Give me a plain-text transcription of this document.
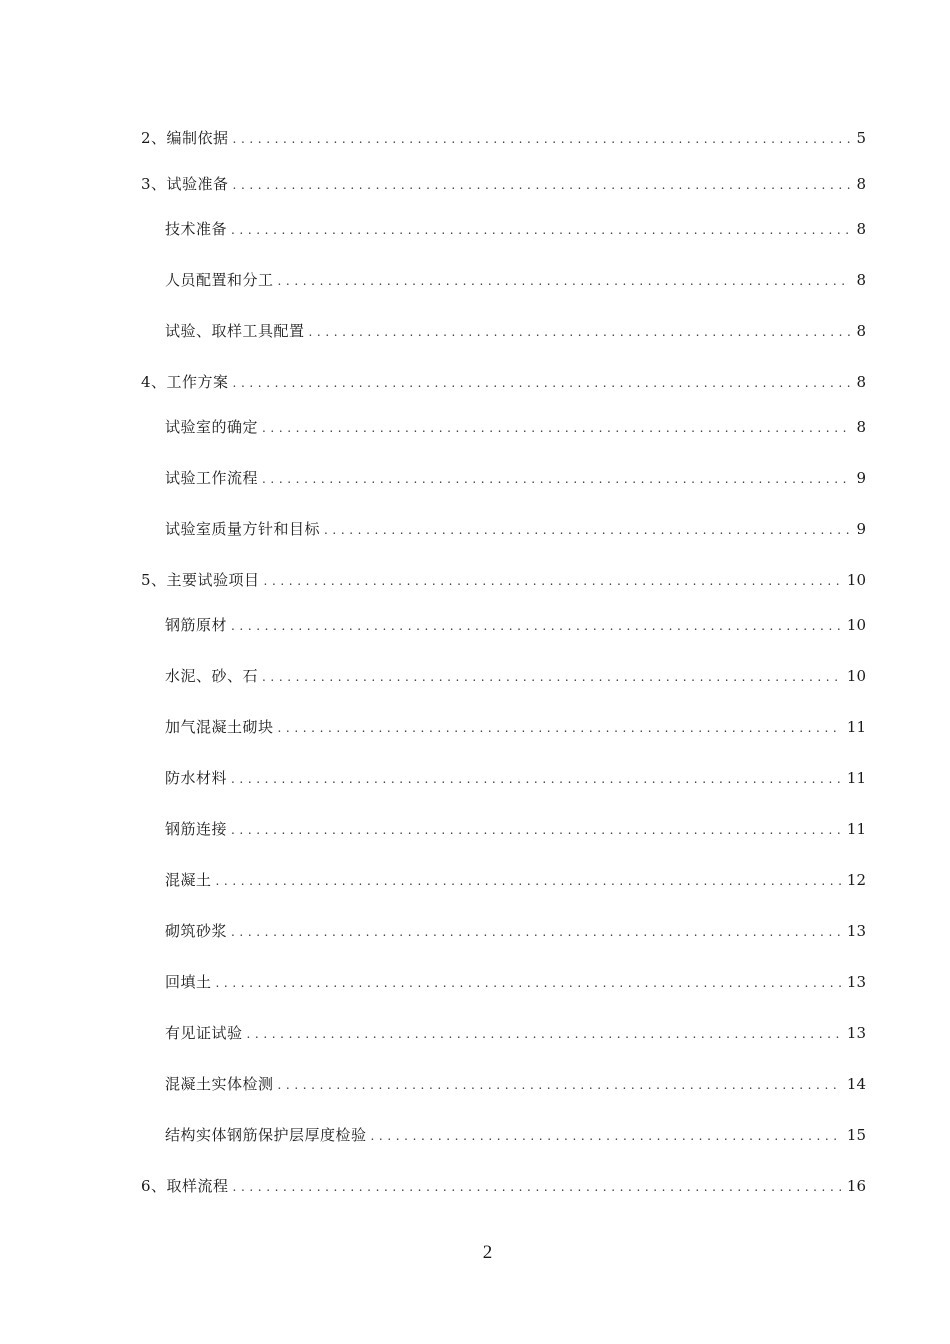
2、编制依据 .....	5
3、试验准备 .....	8
技术准备 .....	8
人员配置和分工 .....	8
试验、取样工具配置 .....	8
4、工作方案 .....	8
试验室的确定 .....	8
试验工作流程 .....	9
试验室质量方针和目标 .....	9
5、主要试验项目 .....	10
钢筋原材 .....	10
水泥、砂、石 .....	10
加气混凝土砌块 .....	11
防水材料 .....	11
钢筋连接 .....	11
混凝土 .....	12
砌筑砂浆 .....	13
回填土 .....	13
有见证试验 .....	13
混凝土实体检测 .....	14
结构实体钢筋保护层厚度检验 .....	15
6、取样流程 .....	16
2
